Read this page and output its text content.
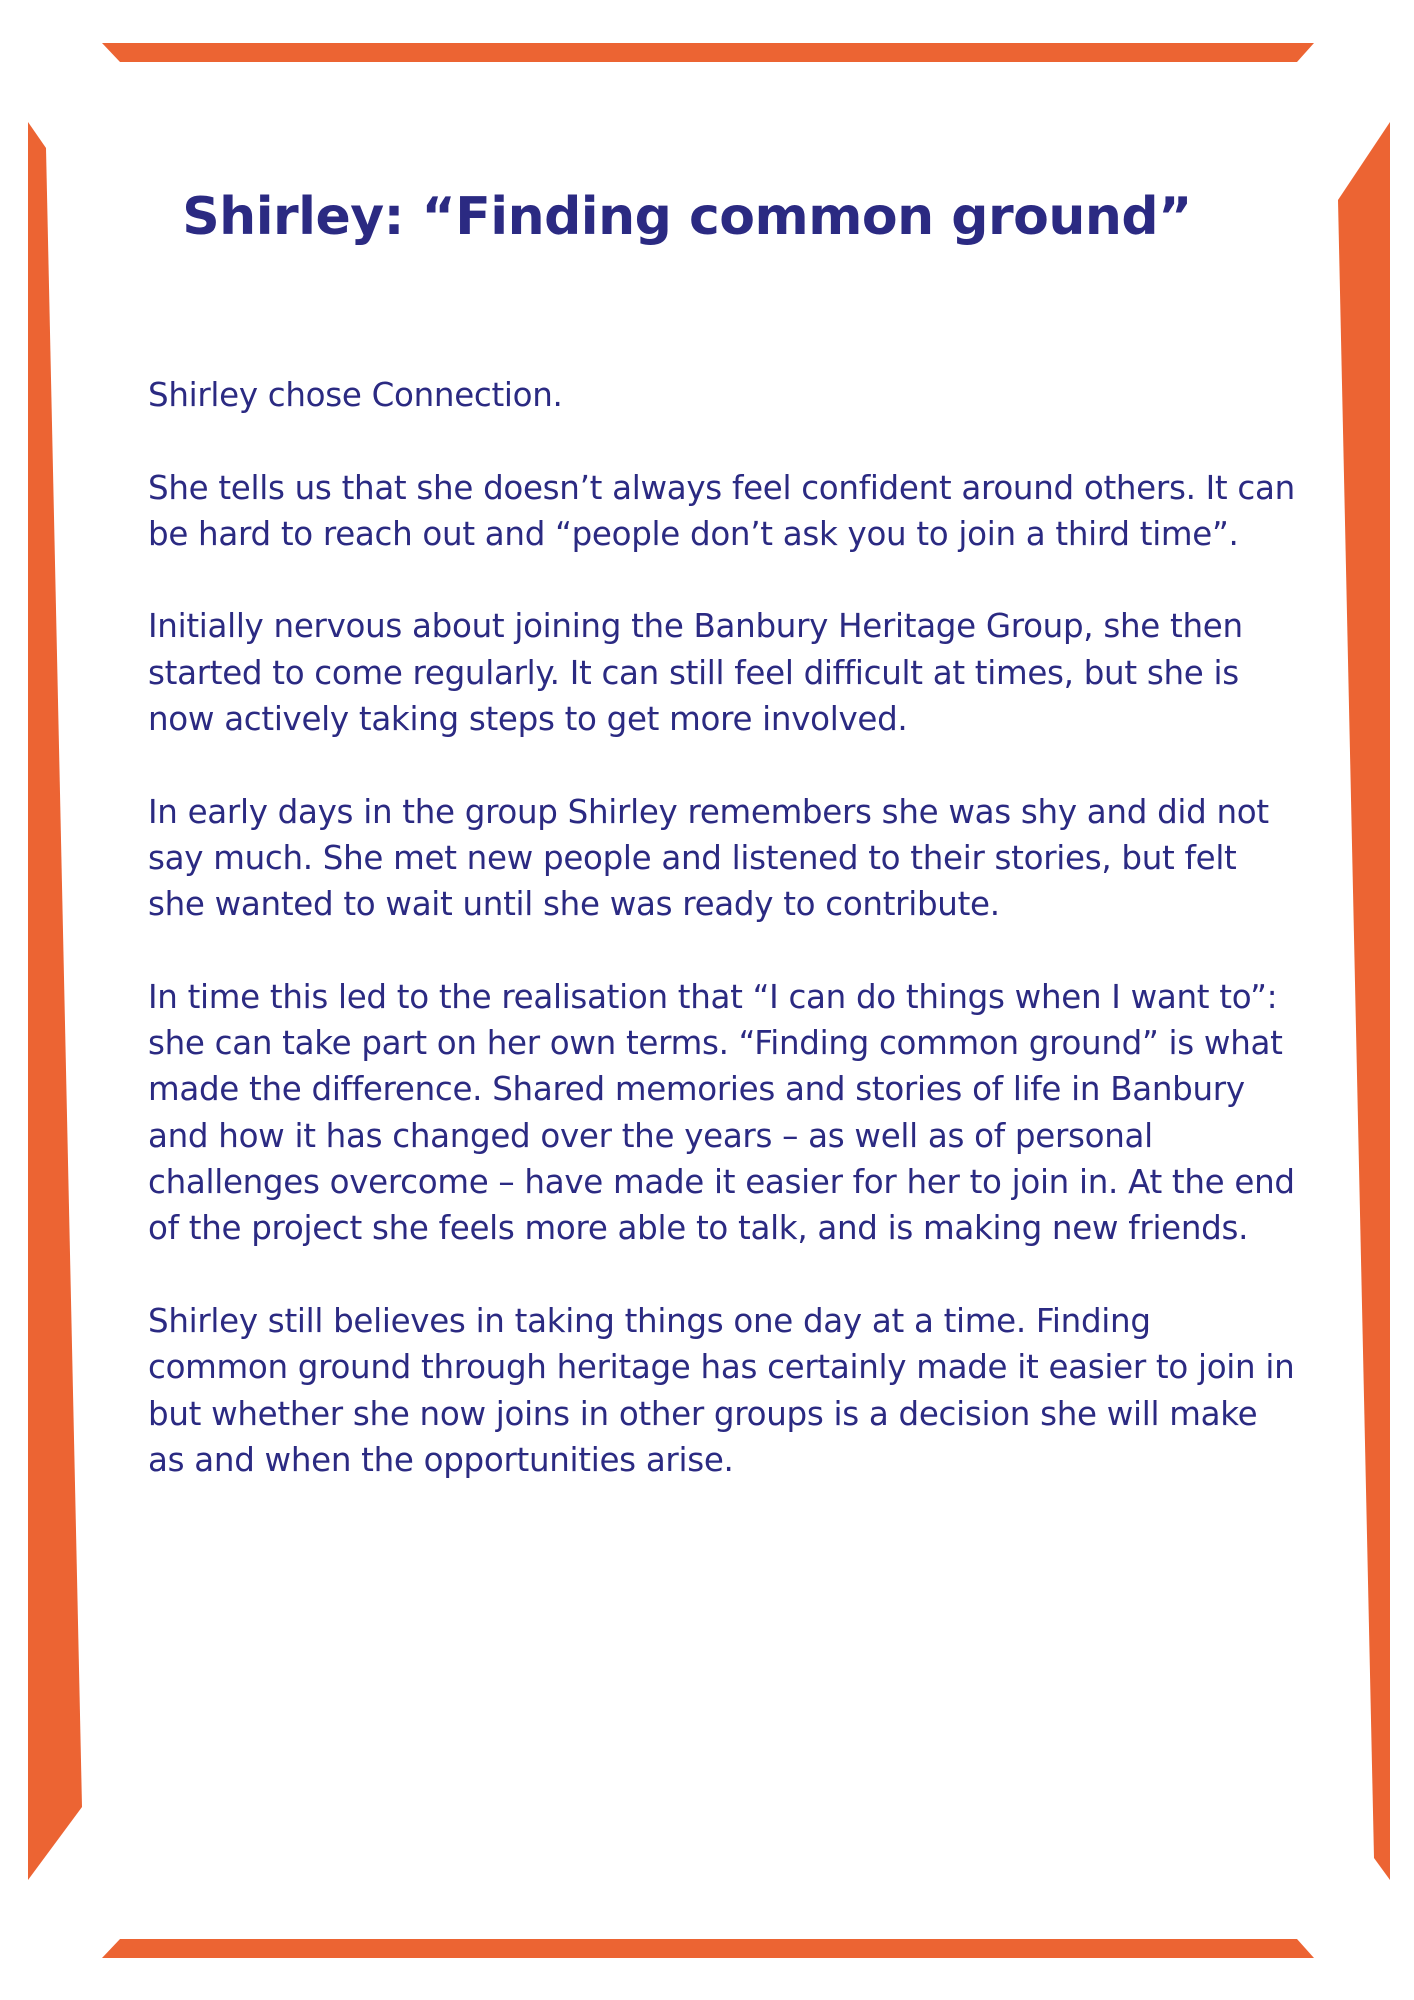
Shirley: “Finding common ground”

Shirley chose Connection.

She tells us that she doesn’t always feel confident around others. It can be hard to reach out and “people don’t ask you to join a third time”.

Initially nervous about joining the Banbury Heritage Group, she then started to come regularly. It can still feel difficult at times, but she is now actively taking steps to get more involved.

In early days in the group Shirley remembers she was shy and did not say much. She met new people and listened to their stories, but felt she wanted to wait until she was ready to contribute.

In time this led to the realisation that “I can do things when I want to”: she can take part on her own terms. “Finding common ground” is what made the difference. Shared memories and stories of life in Banbury and how it has changed over the years – as well as of personal challenges overcome – have made it easier for her to join in. At the end of the project she feels more able to talk, and is making new friends.

Shirley still believes in taking things one day at a time. Finding common ground through heritage has certainly made it easier to join in but whether she now joins in other groups is a decision she will make as and when the opportunities arise.
